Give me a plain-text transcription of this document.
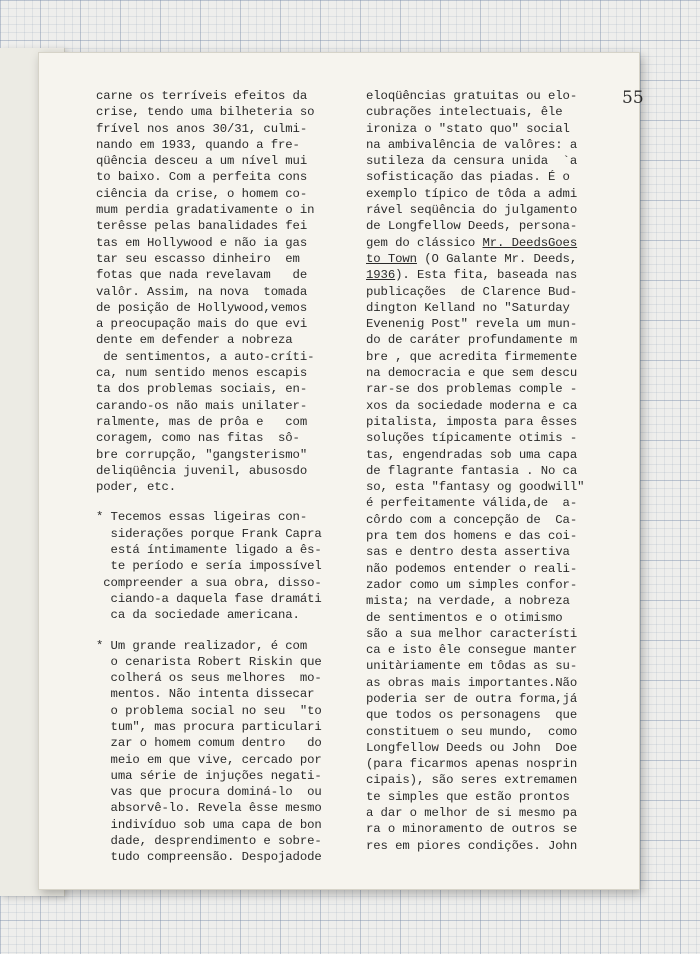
55
carne os terríveis efeitos da
crise, tendo uma bilheteria so
frível nos anos 30/31, culmi-
nando em 1933, quando a fre-
qüência desceu a um nível mui
to baixo. Com a perfeita cons
ciência da crise, o homem co-
mum perdia gradativamente o in
terêsse pelas banalidades fei
tas em Hollywood e não ia gas
tar seu escasso dinheiro  em
fotas que nada revelavam   de
valôr. Assim, na nova  tomada
de posição de Hollywood,vemos
a preocupação mais do que evi
dente em defender a nobreza
de sentimentos, a auto-críti-
ca, num sentido menos escapis
ta dos problemas sociais, en-
carando-os não mais unilater-
ralmente, mas de prôa e   com
coragem, como nas fitas  sô-
bre corrupção, "gangsterismo"
deliqüência juvenil, abusosdo
poder, etc.
* Tecemos essas ligeiras con-
siderações porque Frank Capra
está íntimamente ligado a ês-
te período e sería impossível
compreender a sua obra, disso-
ciando-a daquela fase dramáti
ca da sociedade americana.
* Um grande realizador, é com
o cenarista Robert Riskin que
colherá os seus melhores  mo-
mentos. Não intenta dissecar
o problema social no seu  "to
tum", mas procura particulari
zar o homem comum dentro   do
meio em que vive, cercado por
uma série de injuções negati-
vas que procura dominá-lo  ou
absorvê-lo. Revela êsse mesmo
indivíduo sob uma capa de bon
dade, desprendimento e sobre-
tudo compreensão. Despojadode
eloqüências gratuitas ou elo-
cubrações intelectuais, êle
ironiza o "stato quo" social
na ambivalência de valôres: a
sutileza da censura unida  `a
sofisticação das piadas. É o
exemplo típico de tôda a admi
rável seqüência do julgamento
de Longfellow Deeds, persona-
gem do clássico Mr. DeedsGoes
to Town (O Galante Mr. Deeds,
1936). Esta fita, baseada nas
publicações  de Clarence Bud-
dington Kelland no "Saturday
Evenenig Post" revela um mun-
do de caráter profundamente m
bre , que acredita firmemente
na democracia e que sem descu
rar-se dos problemas comple -
xos da sociedade moderna e ca
pitalista, imposta para êsses
soluções típicamente otimis -
tas, engendradas sob uma capa
de flagrante fantasia . No ca
so, esta "fantasy og goodwill"
é perfeitamente válida,de  a-
côrdo com a concepção de  Ca-
pra tem dos homens e das coi-
sas e dentro desta assertiva
não podemos entender o reali-
zador como um simples confor-
mista; na verdade, a nobreza
de sentimentos e o otimismo
são a sua melhor característi
ca e isto êle consegue manter
unitàriamente em tôdas as su-
as obras mais importantes.Não
poderia ser de outra forma,já
que todos os personagens  que
constituem o seu mundo,  como
Longfellow Deeds ou John  Doe
(para ficarmos apenas nosprin
cipais), são seres extremamen
te simples que estão prontos
a dar o melhor de si mesmo pa
ra o minoramento de outros se
res em piores condições. John
